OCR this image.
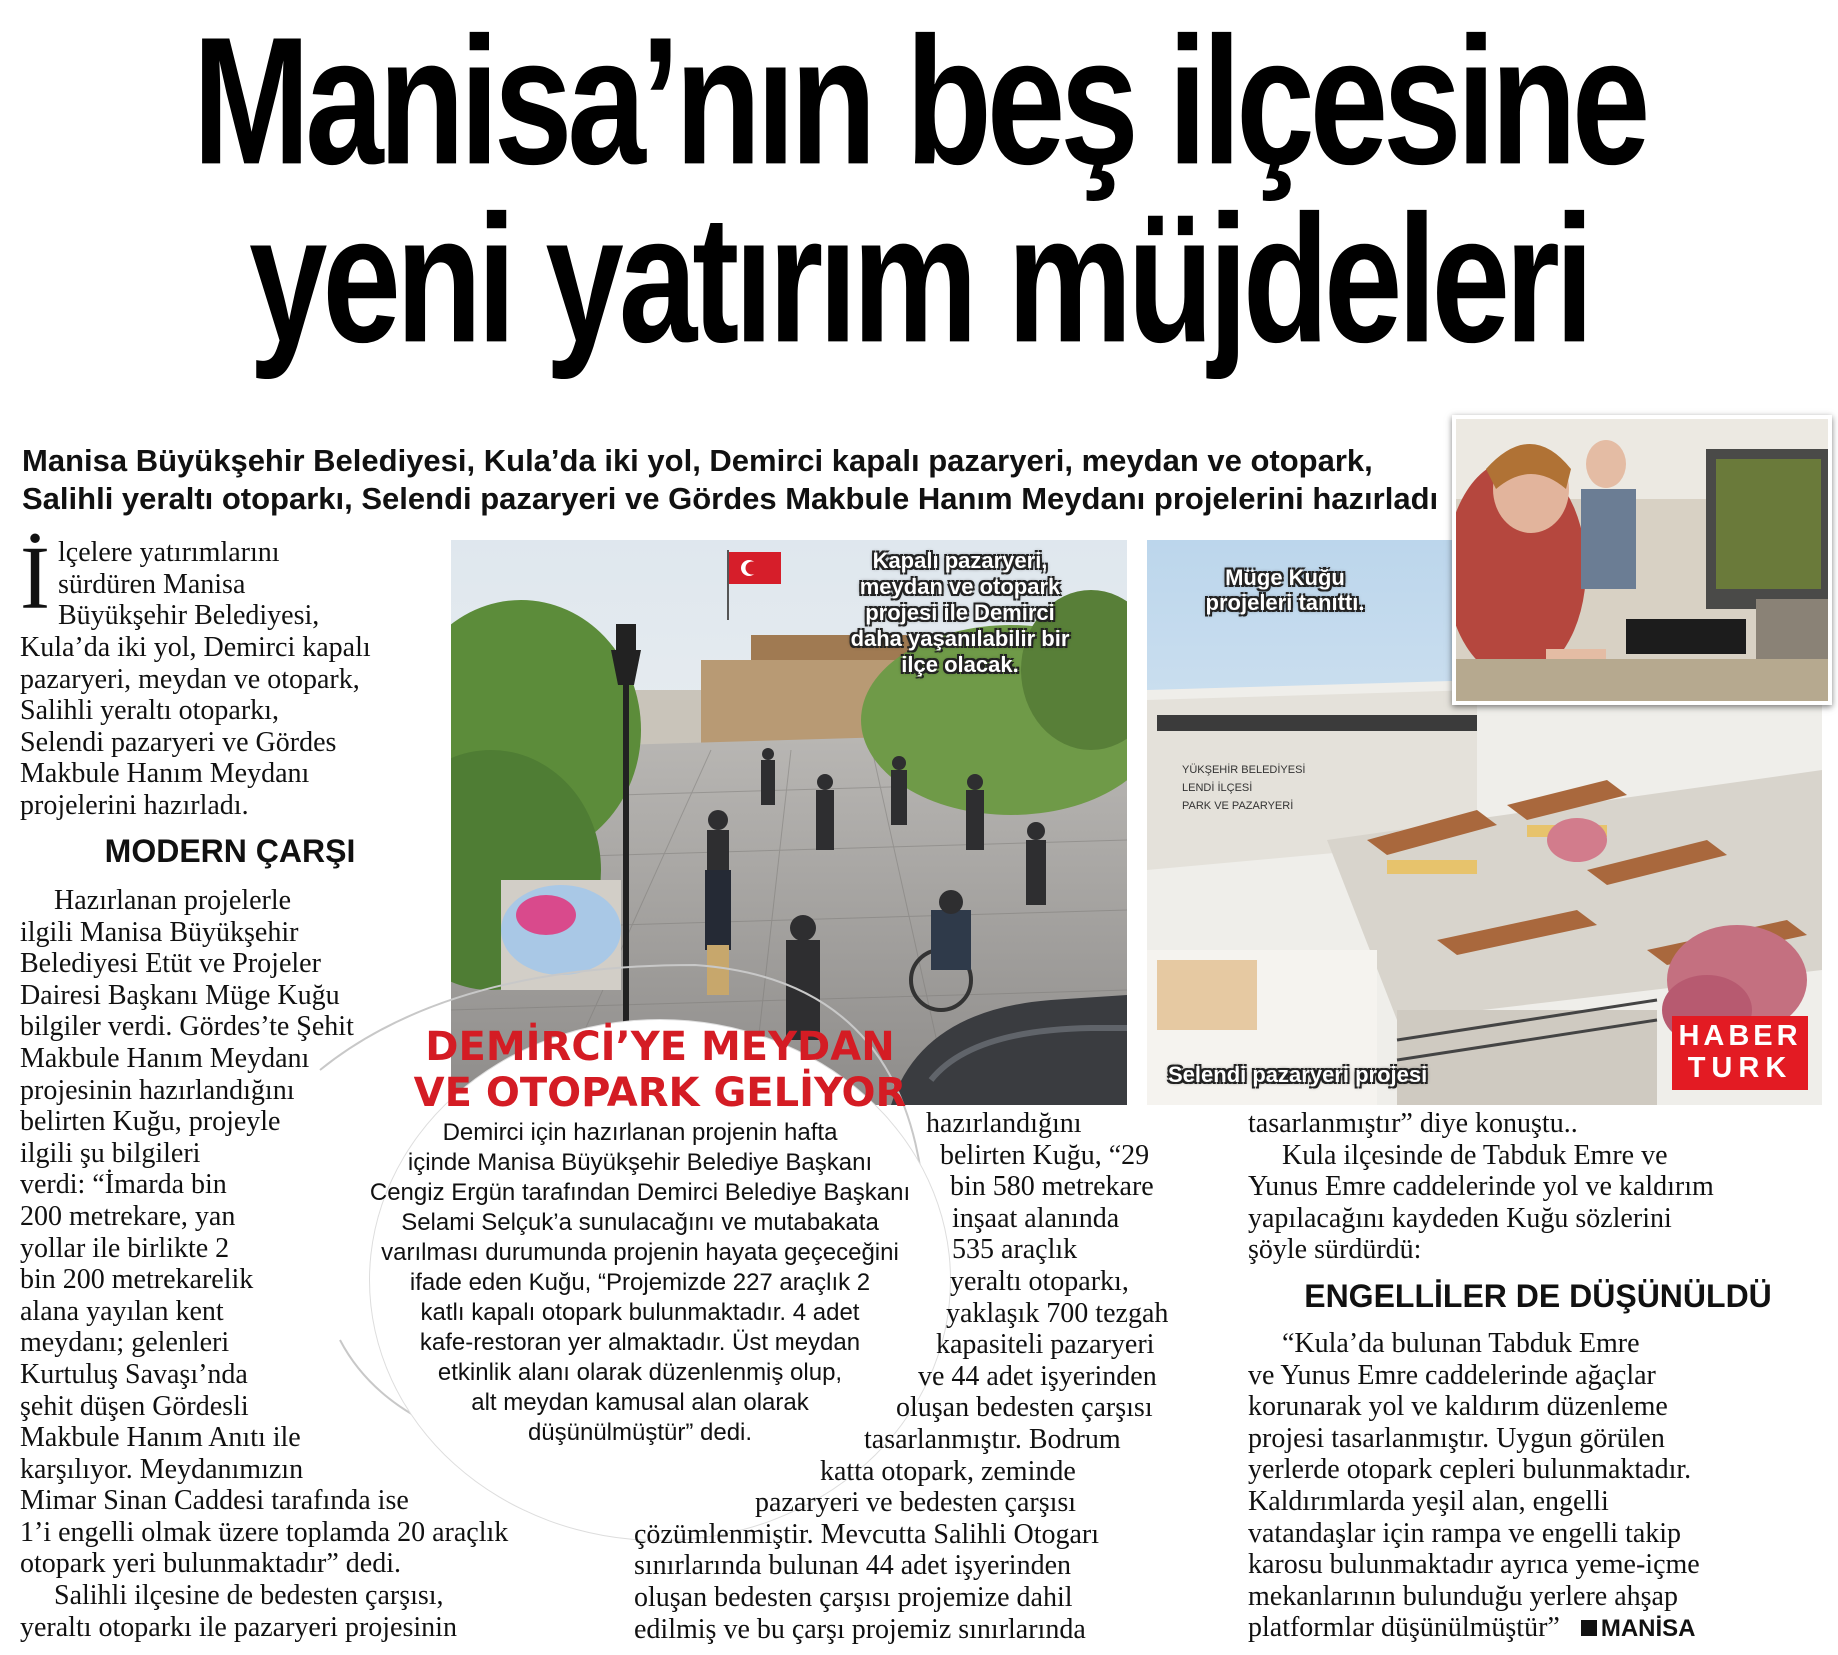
Manisa’nın beş ilçesine
yeni yatırım müjdeleri
Manisa Büyükşehir Belediyesi, Kula’da iki yol, Demirci kapalı pazaryeri, meydan ve otopark,
Salihli yeraltı otoparkı, Selendi pazaryeri ve Gördes Makbule Hanım Meydanı projelerini hazırladı
İ lçelere yatırımlarını
sürdüren Manisa
Büyükşehir Belediyesi,
Kula’da iki yol, Demirci kapalı
pazaryeri, meydan ve otopark,
Salihli yeraltı otoparkı,
Selendi pazaryeri ve Gördes
Makbule Hanım Meydanı
projelerini hazırladı.
MODERN ÇARŞI
Hazırlanan projelerle
ilgili Manisa Büyükşehir
Belediyesi Etüt ve Projeler
Dairesi Başkanı Müge Kuğu
bilgiler verdi. Gördes’te Şehit
Makbule Hanım Meydanı
projesinin hazırlandığını
belirten Kuğu, projeyle
ilgili şu bilgileri
verdi: “İmarda bin
200 metrekare, yan
yollar ile birlikte 2
bin 200 metrekarelik
alana yayılan kent
meydanı; gelenleri
Kurtuluş Savaşı’nda
şehit düşen Gördesli
Makbule Hanım Anıtı ile
karşılıyor. Meydanımızın
Mimar Sinan Caddesi tarafında ise
1’i engelli olmak üzere toplamda 20 araçlık
otopark yeri bulunmaktadır” dedi.
Salihli ilçesine de bedesten çarşısı,
yeraltı otoparkı ile pazaryeri projesinin
Kapalı pazaryeri,
meydan ve otopark
projesi ile Demirci
daha yaşanılabilir bir
ilçe olacak.
YÜKŞEHİR BELEDİYESİ
LENDİ İLÇESİ
PARK VE PAZARYERİ
Müge Kuğu
projeleri tanıttı.
Selendi pazaryeri projesi
HABER
TURK
DEMİRCİ’YE MEYDAN
VE OTOPARK GELİYOR
Demirci için hazırlanan projenin hafta
içinde Manisa Büyükşehir Belediye Başkanı
Cengiz Ergün tarafından Demirci Belediye Başkanı
Selami Selçuk’a sunulacağını ve mutabakata
varılması durumunda projenin hayata geçeceğini
ifade eden Kuğu, “Projemizde 227 araçlık 2
katlı kapalı otopark bulunmaktadır. 4 adet
kafe-restoran yer almaktadır. Üst meydan
etkinlik alanı olarak düzenlenmiş olup,
alt meydan kamusal alan olarak
düşünülmüştür” dedi.
hazırlandığını
belirten Kuğu, “29
bin 580 metrekare
inşaat alanında
535 araçlık
yeraltı otoparkı,
yaklaşık 700 tezgah
kapasiteli pazaryeri
ve 44 adet işyerinden
oluşan bedesten çarşısı
tasarlanmıştır. Bodrum
katta otopark, zeminde
pazaryeri ve bedesten çarşısı
çözümlenmiştir. Mevcutta Salihli Otogarı
sınırlarında bulunan 44 adet işyerinden
oluşan bedesten çarşısı projemize dahil
edilmiş ve bu çarşı projemiz sınırlarında
tasarlanmıştır” diye konuştu..
Kula ilçesinde de Tabduk Emre ve
Yunus Emre caddelerinde yol ve kaldırım
yapılacağını kaydeden Kuğu sözlerini
şöyle sürdürdü:
ENGELLİLER DE DÜŞÜNÜLDÜ
“Kula’da bulunan Tabduk Emre
ve Yunus Emre caddelerinde ağaçlar
korunarak yol ve kaldırım düzenleme
projesi tasarlanmıştır. Uygun görülen
yerlerde otopark cepleri bulunmaktadır.
Kaldırımlarda yeşil alan, engelli
vatandaşlar için rampa ve engelli takip
karosu bulunmaktadır ayrıca yeme-içme
mekanlarının bulunduğu yerlere ahşap
platformlar düşünülmüştür” MANİSA
